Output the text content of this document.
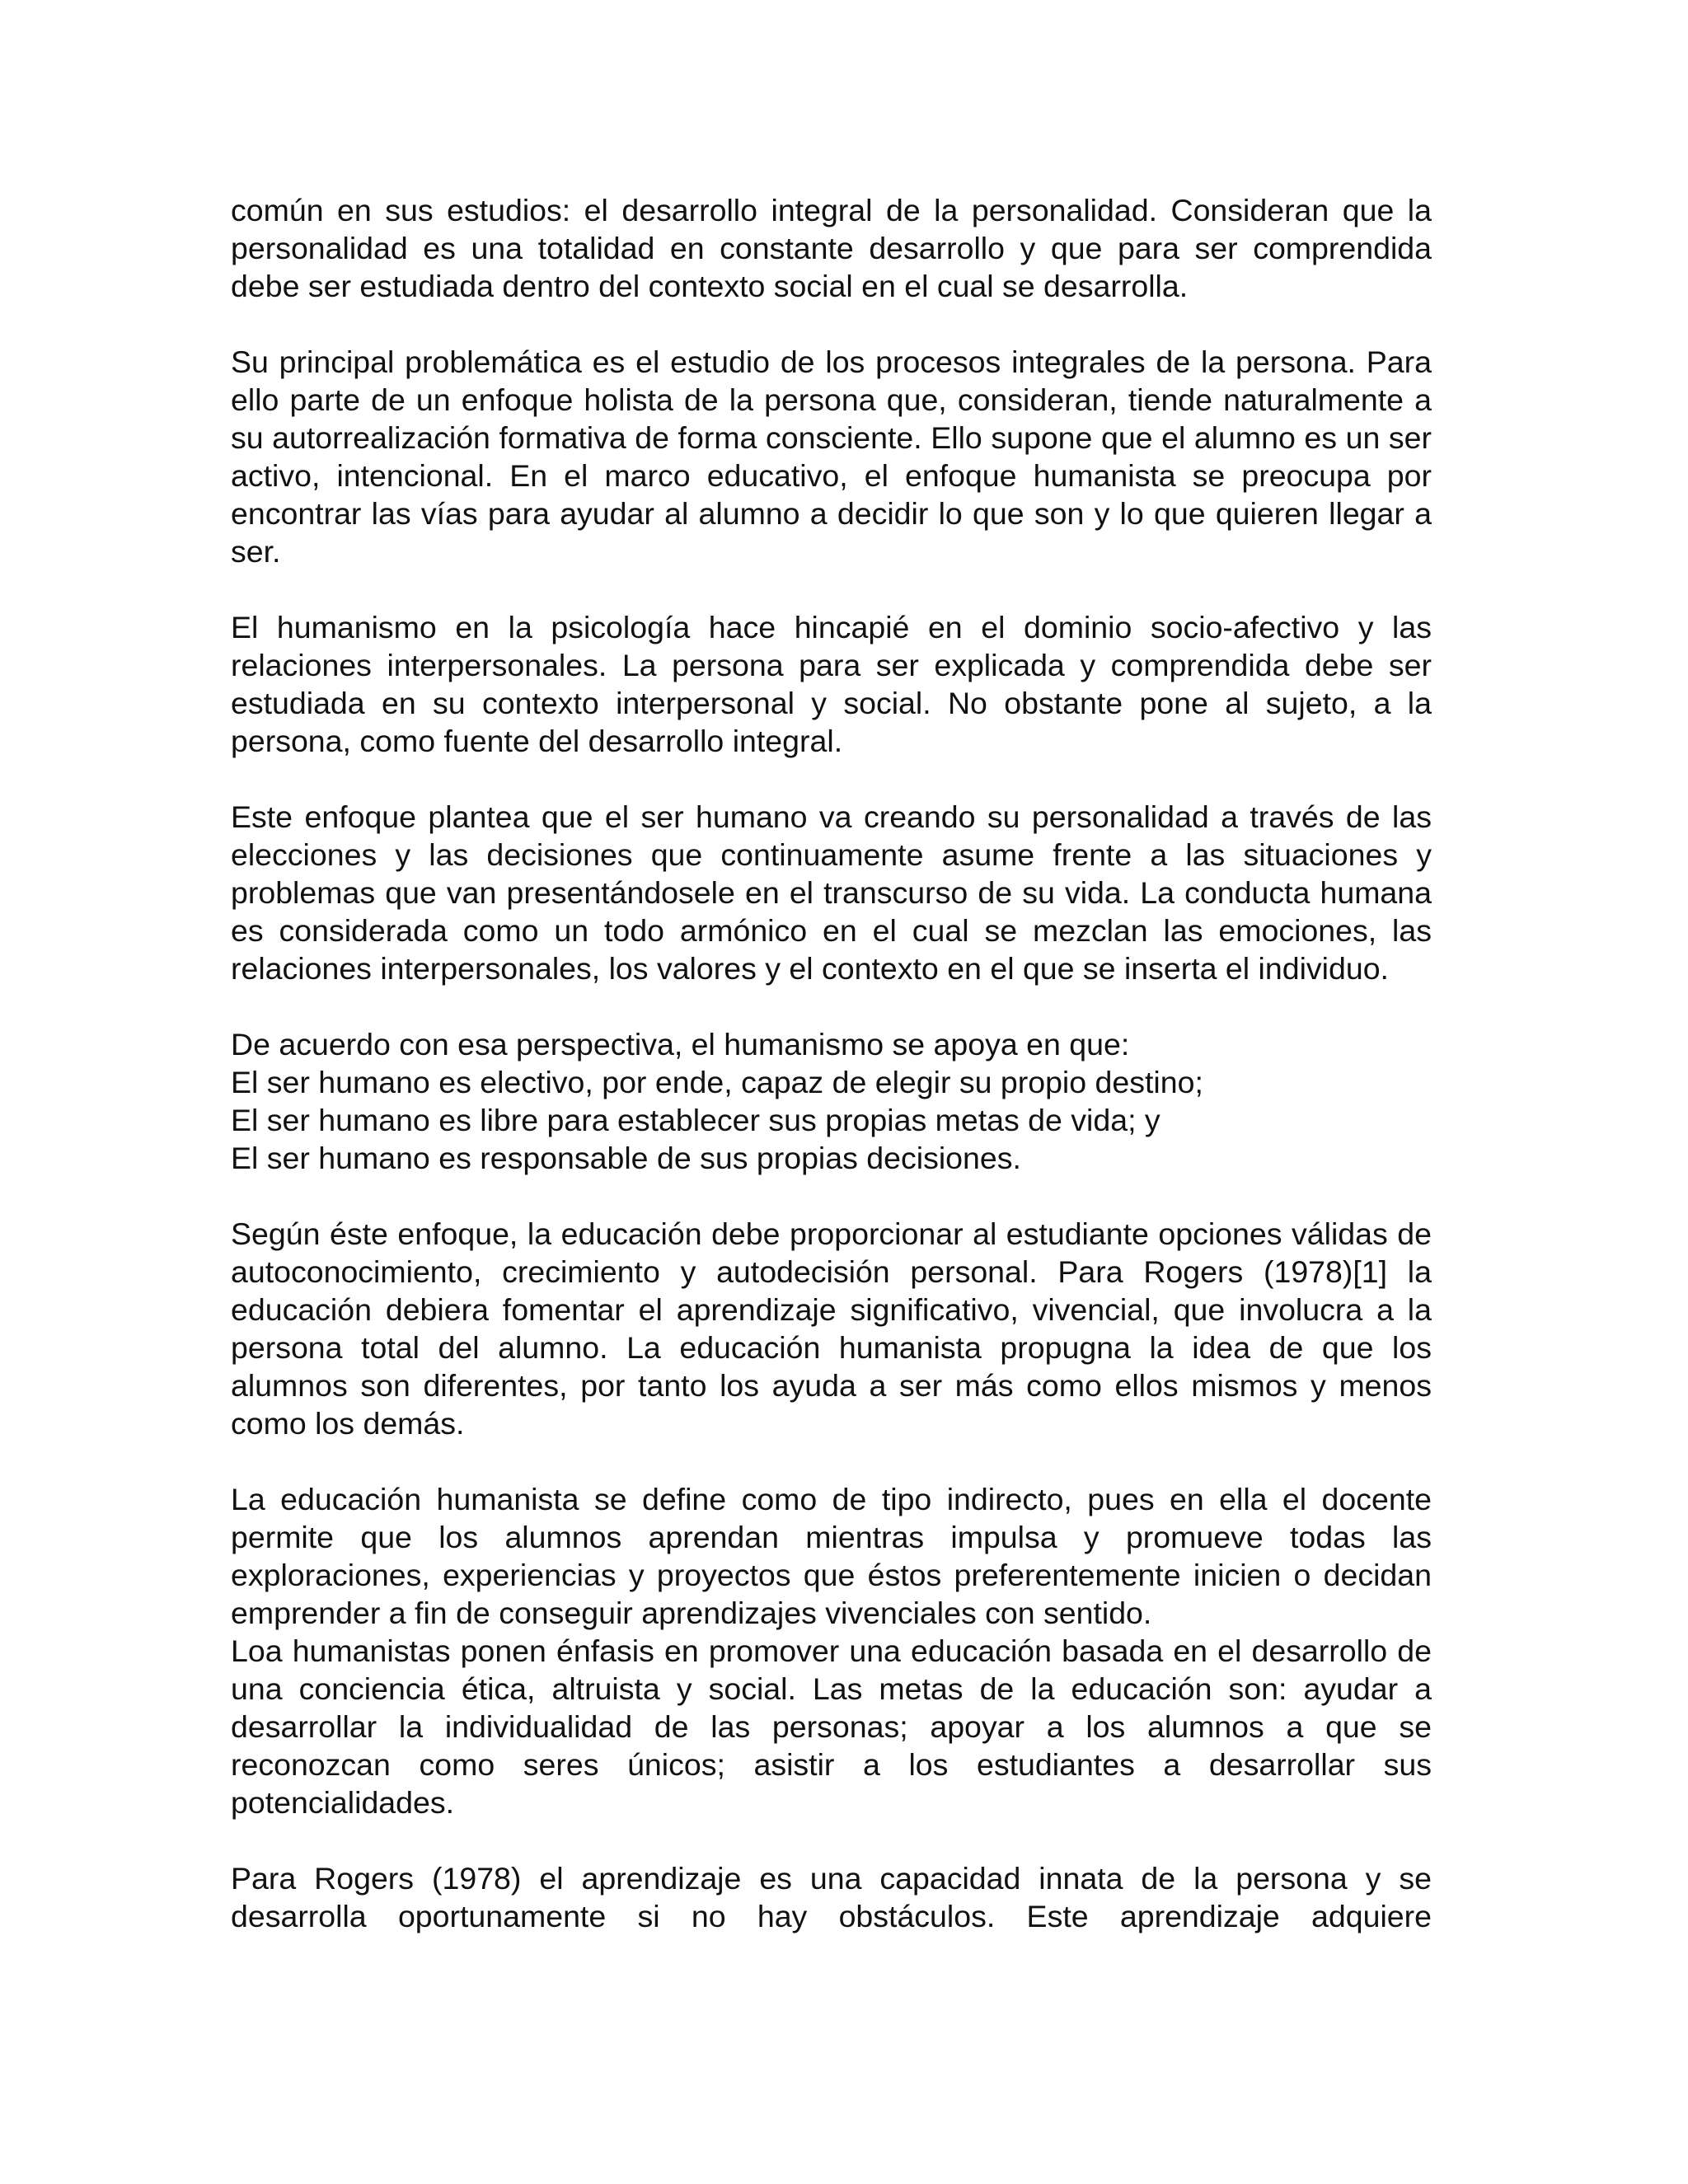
común en sus estudios: el desarrollo integral de la personalidad. Consideran que la personalidad es una totalidad en constante desarrollo y que para ser comprendida debe ser estudiada dentro del contexto social en el cual se desarrolla.

Su principal problemática es el estudio de los procesos integrales de la persona. Para ello parte de un enfoque holista de la persona que, consideran, tiende naturalmente a su autorrealización formativa de forma consciente. Ello supone que el alumno es un ser activo, intencional. En el marco educativo, el enfoque humanista se preocupa por encontrar las vías para ayudar al alumno a decidir lo que son y lo que quieren llegar a ser.

El humanismo en la psicología hace hincapié en el dominio socio-afectivo y las relaciones interpersonales. La persona para ser explicada y comprendida debe ser estudiada en su contexto interpersonal y social. No obstante pone al sujeto, a la persona, como fuente del desarrollo integral.

Este enfoque plantea que el ser humano va creando su personalidad a través de las elecciones y las decisiones que continuamente asume frente a las situaciones y problemas que van presentándosele en el transcurso de su vida. La conducta humana es considerada como un todo armónico en el cual se mezclan las emociones, las relaciones interpersonales, los valores y el contexto en el que se inserta el individuo.

De acuerdo con esa perspectiva, el humanismo se apoya en que:

El ser humano es electivo, por ende, capaz de elegir su propio destino;

El ser humano es libre para establecer sus propias metas de vida; y

El ser humano es responsable de sus propias decisiones.

Según éste enfoque, la educación debe proporcionar al estudiante opciones válidas de autoconocimiento, crecimiento y autodecisión personal. Para Rogers (1978)[1] la educación debiera fomentar el aprendizaje significativo, vivencial, que involucra a la persona total del alumno. La educación humanista propugna la idea de que los alumnos son diferentes, por tanto los ayuda a ser más como ellos mismos y menos como los demás.

La educación humanista se define como de tipo indirecto, pues en ella el docente permite que los alumnos aprendan mientras impulsa y promueve todas las exploraciones, experiencias y proyectos que éstos preferentemente inicien o decidan emprender a fin de conseguir aprendizajes vivenciales con sentido.

Loa humanistas ponen énfasis en promover una educación basada en el desarrollo de una conciencia ética, altruista y social. Las metas de la educación son: ayudar a desarrollar la individualidad de las personas; apoyar a los alumnos a que se reconozcan como seres únicos; asistir a los estudiantes a desarrollar sus potencialidades.

Para Rogers (1978) el aprendizaje es una capacidad innata de la persona y se desarrolla oportunamente si no hay obstáculos. Este aprendizaje adquiere
